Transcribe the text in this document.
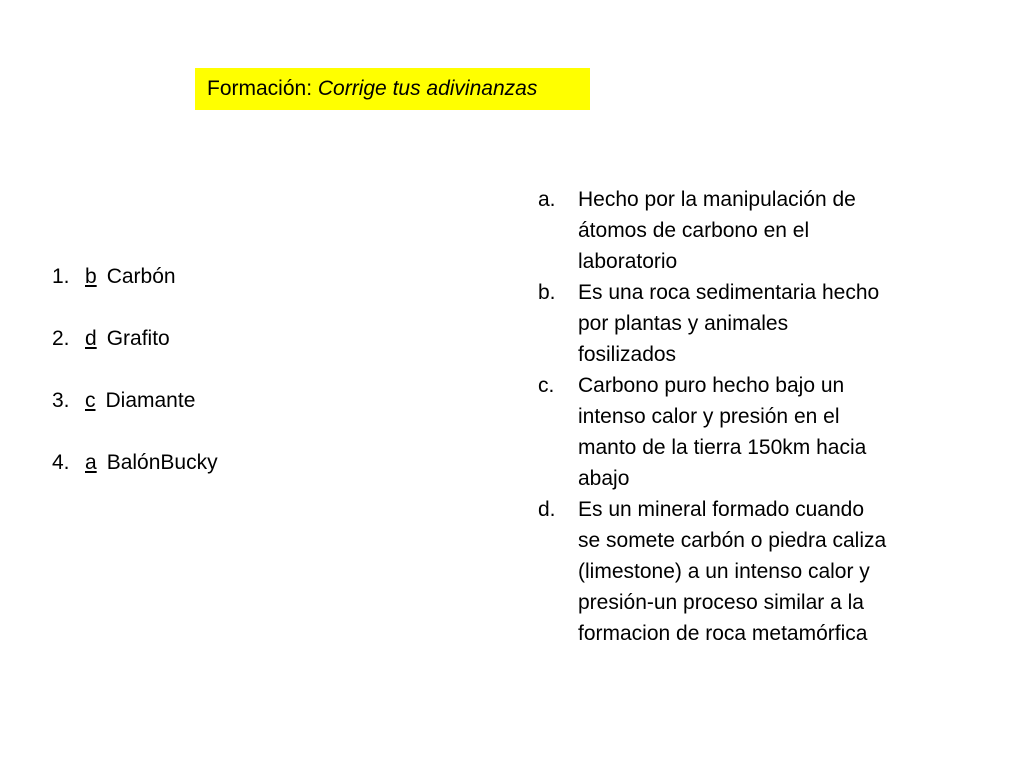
Formación: Corrige tus adivinanzas
1. b Carbón
2. d Grafito
3. c Diamante
4. a BalónBucky
a.	Hecho por la manipulación de átomos de carbono en el laboratorio
b.	Es una roca sedimentaria hecho por plantas y animales fosilizados
c.	Carbono puro hecho bajo un intenso calor y presión en el manto de la tierra 150km hacia abajo
d.	Es un mineral formado cuando se somete carbón o piedra caliza (limestone) a un intenso calor y presión-un proceso similar a la formacion de roca metamórfica
